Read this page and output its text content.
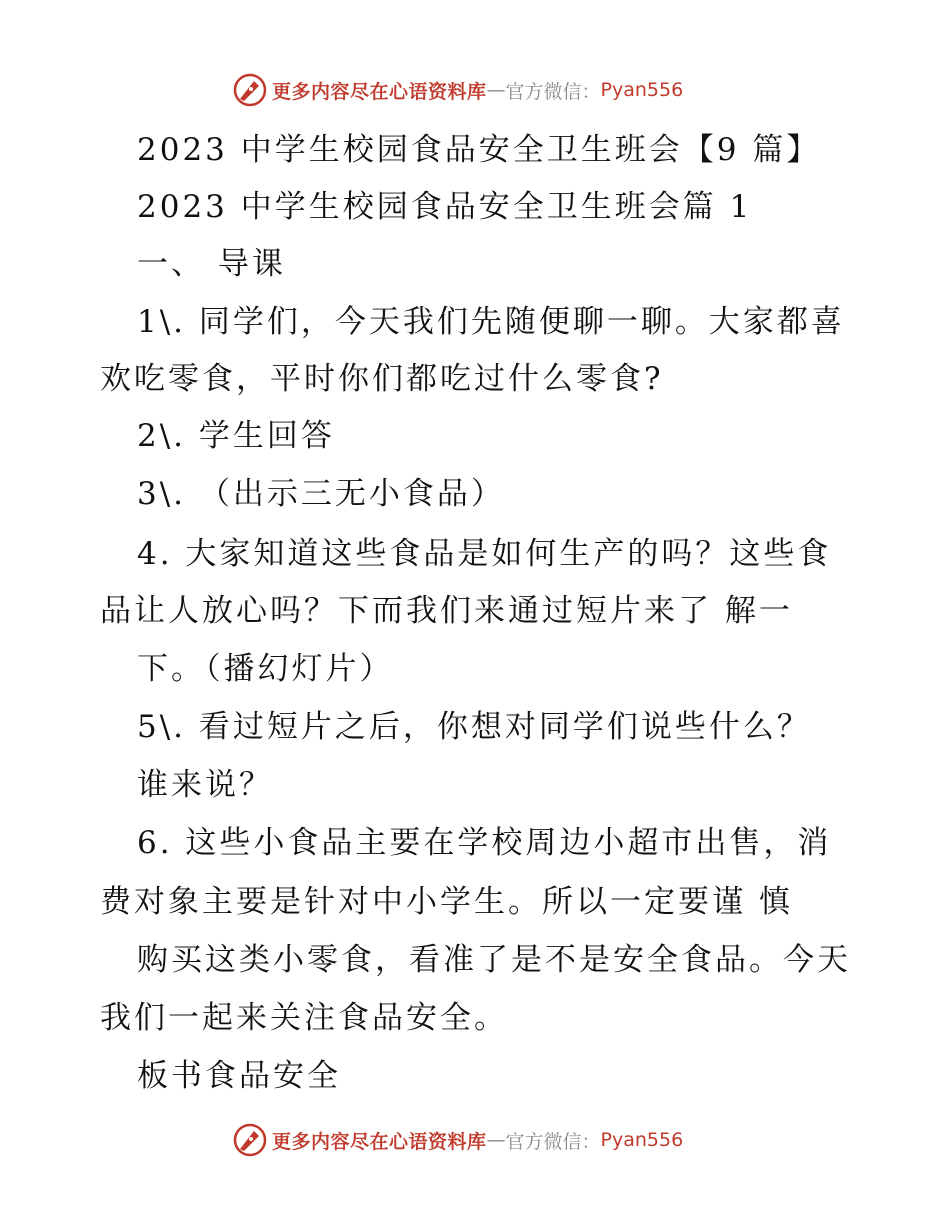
更多内容尽在心语资料库 — 官方微信： Pyan556
2023 中学生校园食品安全卫生班会【9 篇】
2023 中学生校园食品安全卫生班会篇 1
一、 导课
1\. 同学们，今天我们先随便聊一聊。大家都喜
欢吃零食，平时你们都吃过什么零食?
2\. 学生回答
3\. （出示三无小食品）
4. 大家知道这些食品是如何生产的吗？这些食
品让人放心吗？下而我们来通过短片来了 解一
下。（播幻灯片）
5\. 看过短片之后，你想对同学们说些什么？
谁来说？
6. 这些小食品主要在学校周边小超市出售，消
费对象主要是针对中小学生。所以一定要谨 慎
购买这类小零食，看准了是不是安全食品。今天
我们一起来关注食品安全。
板书食品安全
更多内容尽在心语资料库 — 官方微信： Pyan556
